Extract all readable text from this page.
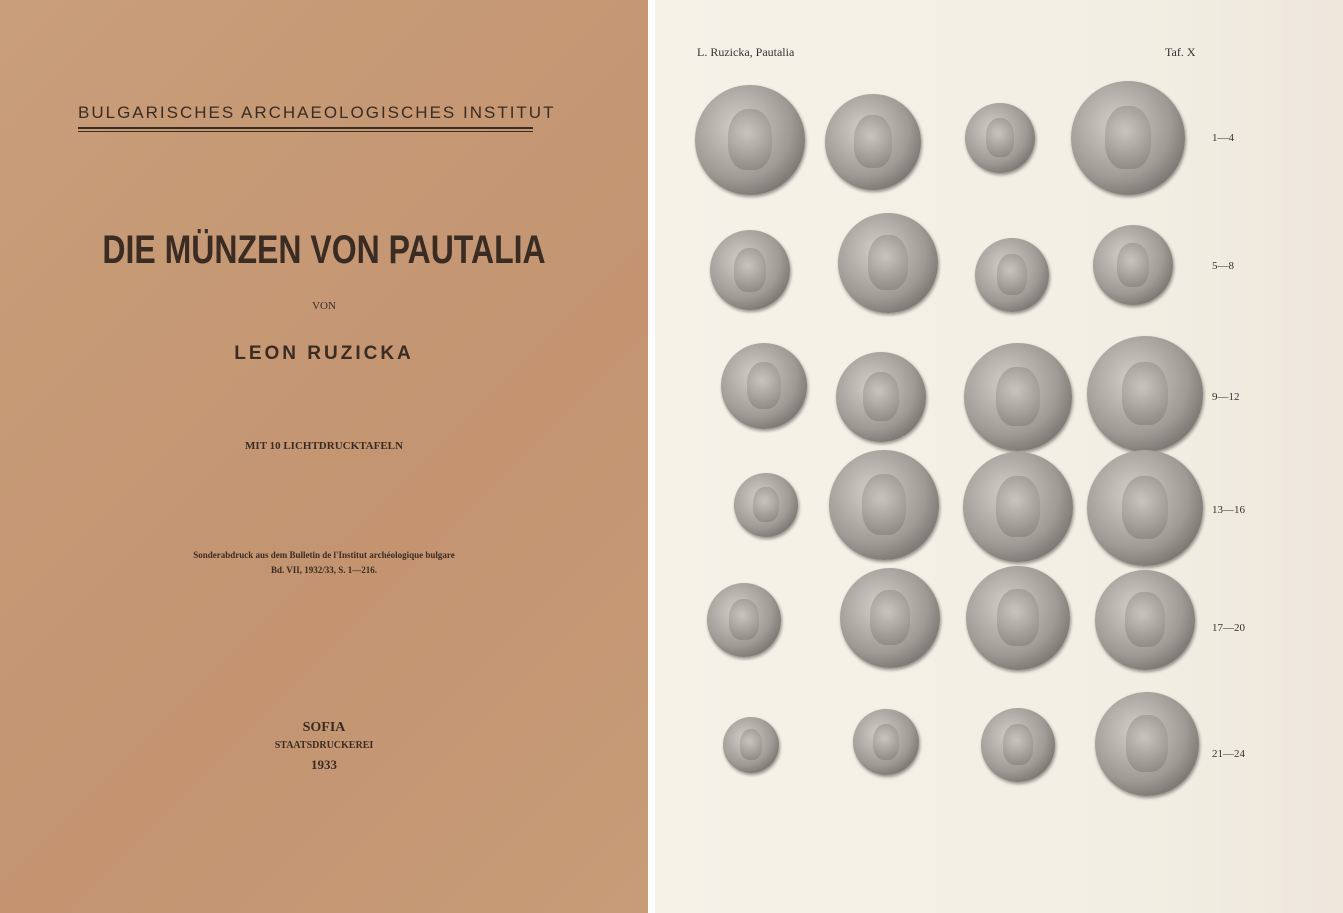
BULGARISCHES ARCHAEOLOGISCHES INSTITUT
DIE MÜNZEN VON PAUTALIA
VON
LEON RUZICKA
MIT 10 LICHTDRUCKTAFELN
Sonderabdruck aus dem Bulletin de l'Institut archéologique bulgare
Bd. VII, 1932/33, S. 1—216.
SOFIA
STAATSDRUCKEREI
1933
L. Ruzicka, Pautalia	Taf. X
1—4
5—8
9—12
13—16
17—20
21—24
